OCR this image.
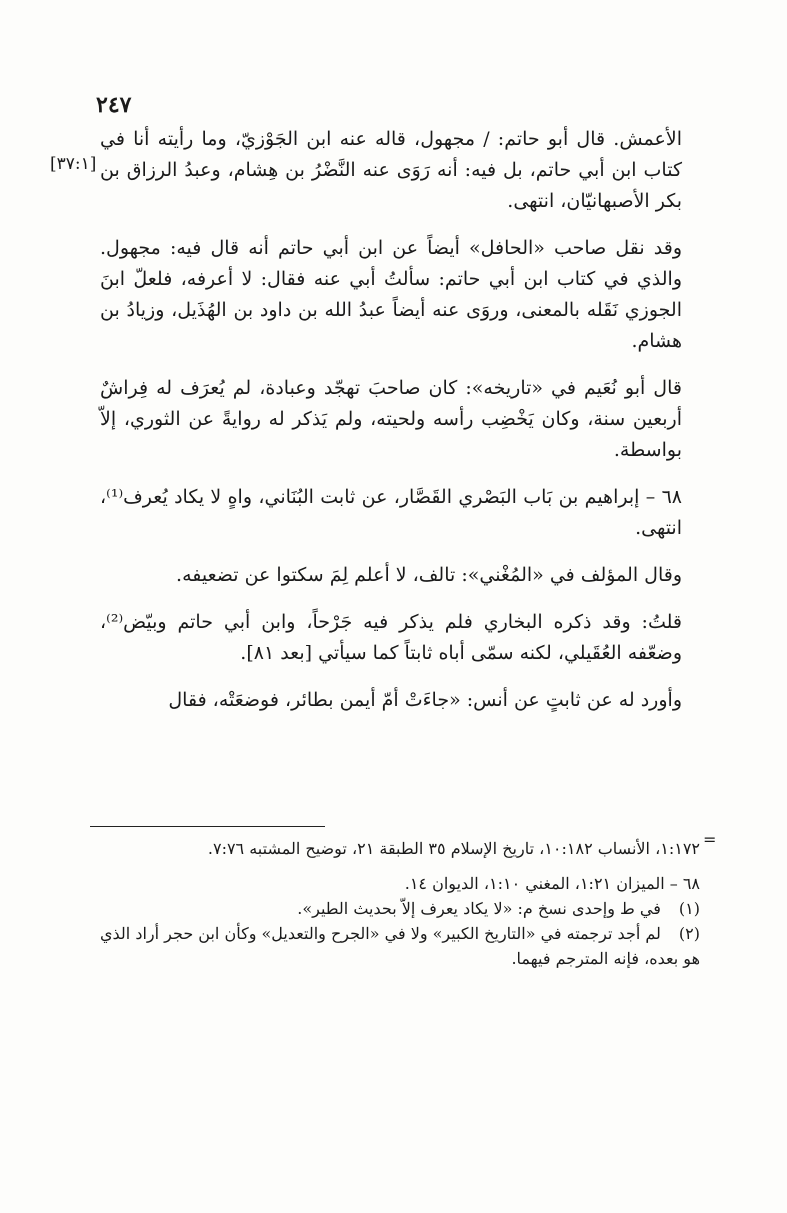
٢٤٧
[٣٧:١]

الأعمش. قال أبو حاتم: / مجهول، قاله عنه ابن الجَوْزيّ، وما رأيته أنا في كتاب ابن أبي حاتم، بل فيه: أنه رَوَى عنه النَّضْرُ بن هِشام، وعبدُ الرزاق بن بكر الأصبهانيّان، انتهى.

وقد نقل صاحب «الحافل» أيضاً عن ابن أبي حاتم أنه قال فيه: مجهول. والذي في كتاب ابن أبي حاتم: سألتُ أبي عنه فقال: لا أعرفه، فلعلّ ابنَ الجوزي نَقَله بالمعنى، وروَى عنه أيضاً عبدُ الله بن داود بن الهُذَيل، وزيادُ بن هشام.

قال أبو نُعَيم في «تاريخه»: كان صاحبَ تهجّد وعبادة، لم يُعرَف له فِراشٌ أربعين سنة، وكان يَخْضِب رأسه ولحيته، ولم يَذكر له روايةً عن الثوري، إلاّ بواسطة.

٦٨ – إبراهيم بن بَاب البَصْري القَصَّار، عن ثابت البُنَاني، واهٍ لا يكاد يُعرف⁽¹⁾، انتهى.

وقال المؤلف في «المُغْني»: تالف، لا أعلم لِمَ سكتوا عن تضعيفه.

قلتُ: وقد ذكره البخاري فلم يذكر فيه جَرْحاً، وابن أبي حاتم وبيّض⁽²⁾، وضعّفه العُقَيلي، لكنه سمّى أباه ثابتاً كما سيأتي [بعد ٨١].

وأورد له عن ثابتٍ عن أنس: «جاءَتْ أمّ أيمن بطائر، فوضعَتْه، فقال

=

١:١٧٢، الأنساب ١٠:١٨٢، تاريخ الإسلام ٣٥ الطبقة ٢١، توضيح المشتبه ٧:٧٦.

٦٨ – الميزان ١:٢١، المغني ١:١٠، الديوان ١٤.

(١) في ط وإحدى نسخ م: «لا يكاد يعرف إلاّ بحديث الطير».

(٢) لم أجد ترجمته في «التاريخ الكبير» ولا في «الجرح والتعديل» وكأن ابن حجر أراد الذي هو بعده، فإنه المترجم فيهما.
